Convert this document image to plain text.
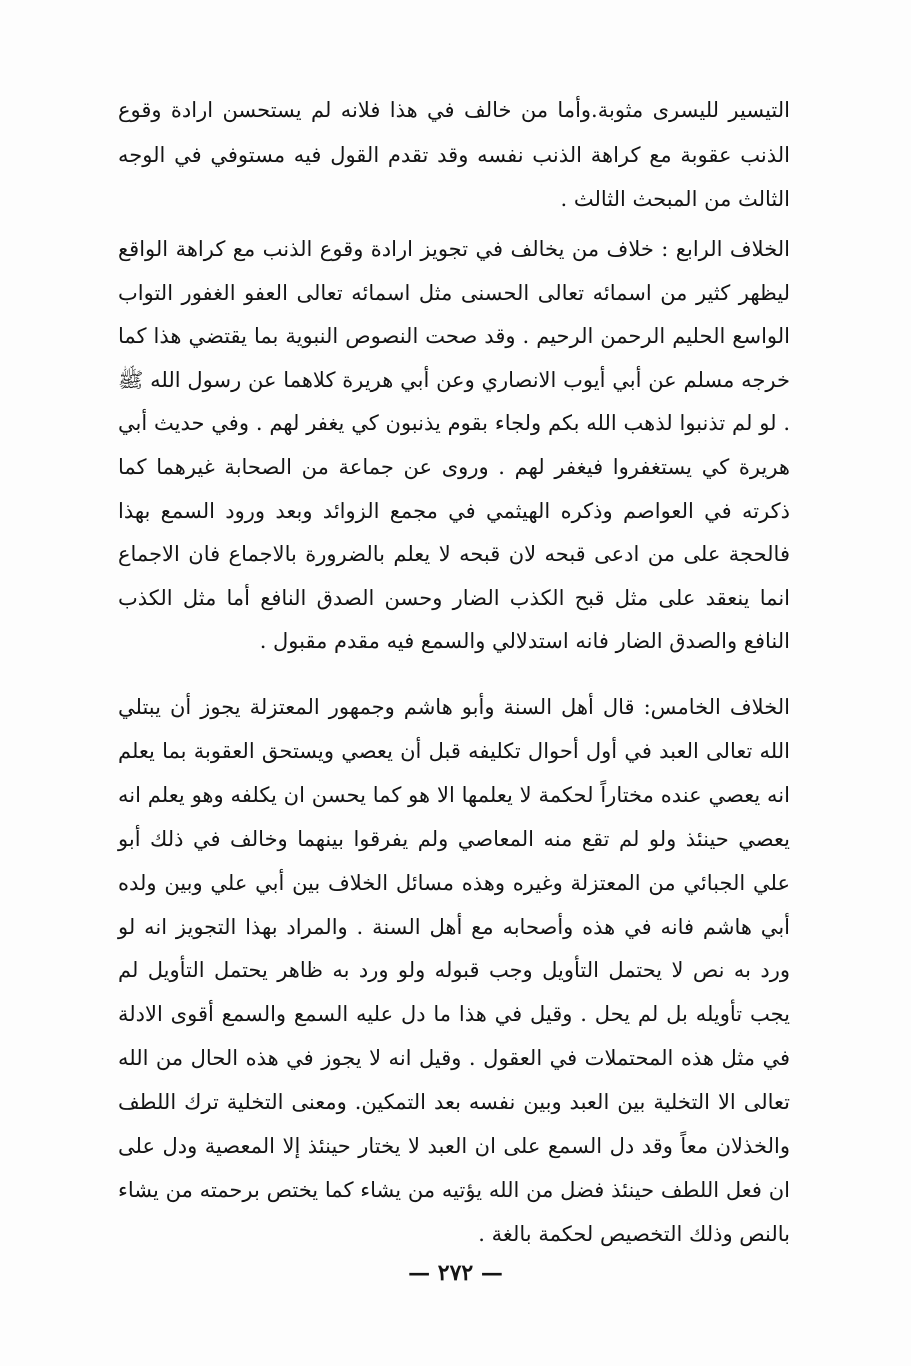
التيسير لليسرى مثوبة.وأما من خالف في هذا فلانه لم يستحسن ارادة وقوع الذنب عقوبة مع كراهة الذنب نفسه وقد تقدم القول فيه مستوفي في الوجه الثالث من المبحث الثالث .

الخلاف الرابع : خلاف من يخالف في تجويز ارادة وقوع الذنب مع كراهة الواقع ليظهر كثير من اسمائه تعالى الحسنى مثل اسمائه تعالى العفو الغفور التواب الواسع الحليم الرحمن الرحيم . وقد صحت النصوص النبوية بما يقتضي هذا كما خرجه مسلم عن أبي أيوب الانصاري وعن أبي هريرة كلاهما عن رسول الله ﷺ . لو لم تذنبوا لذهب الله بكم ولجاء بقوم يذنبون كي يغفر لهم . وفي حديث أبي هريرة كي يستغفروا فيغفر لهم . وروى عن جماعة من الصحابة غيرهما كما ذكرته في العواصم وذكره الهيثمي في مجمع الزوائد وبعد ورود السمع بهذا فالحجة على من ادعى قبحه لان قبحه لا يعلم بالضرورة بالاجماع فان الاجماع انما ينعقد على مثل قبح الكذب الضار وحسن الصدق النافع أما مثل الكذب النافع والصدق الضار فانه استدلالي والسمع فيه مقدم مقبول .

الخلاف الخامس: قال أهل السنة وأبو هاشم وجمهور المعتزلة يجوز أن يبتلي الله تعالى العبد في أول أحوال تكليفه قبل أن يعصي ويستحق العقوبة بما يعلم انه يعصي عنده مختاراً لحكمة لا يعلمها الا هو كما يحسن ان يكلفه وهو يعلم انه يعصي حينئذ ولو لم تقع منه المعاصي ولم يفرقوا بينهما وخالف في ذلك أبو علي الجبائي من المعتزلة وغيره وهذه مسائل الخلاف بين أبي علي وبين ولده أبي هاشم فانه في هذه وأصحابه مع أهل السنة . والمراد بهذا التجويز انه لو ورد به نص لا يحتمل التأويل وجب قبوله ولو ورد به ظاهر يحتمل التأويل لم يجب تأويله بل لم يحل . وقيل في هذا ما دل عليه السمع والسمع أقوى الادلة في مثل هذه المحتملات في العقول . وقيل انه لا يجوز في هذه الحال من الله تعالى الا التخلية بين العبد وبين نفسه بعد التمكين. ومعنى التخلية ترك اللطف والخذلان معاً وقد دل السمع على ان العبد لا يختار حينئذ إلا المعصية ودل على ان فعل اللطف حينئذ فضل من الله يؤتيه من يشاء كما يختص برحمته من يشاء بالنص وذلك التخصيص لحكمة بالغة .

— ٢٧٢ —
